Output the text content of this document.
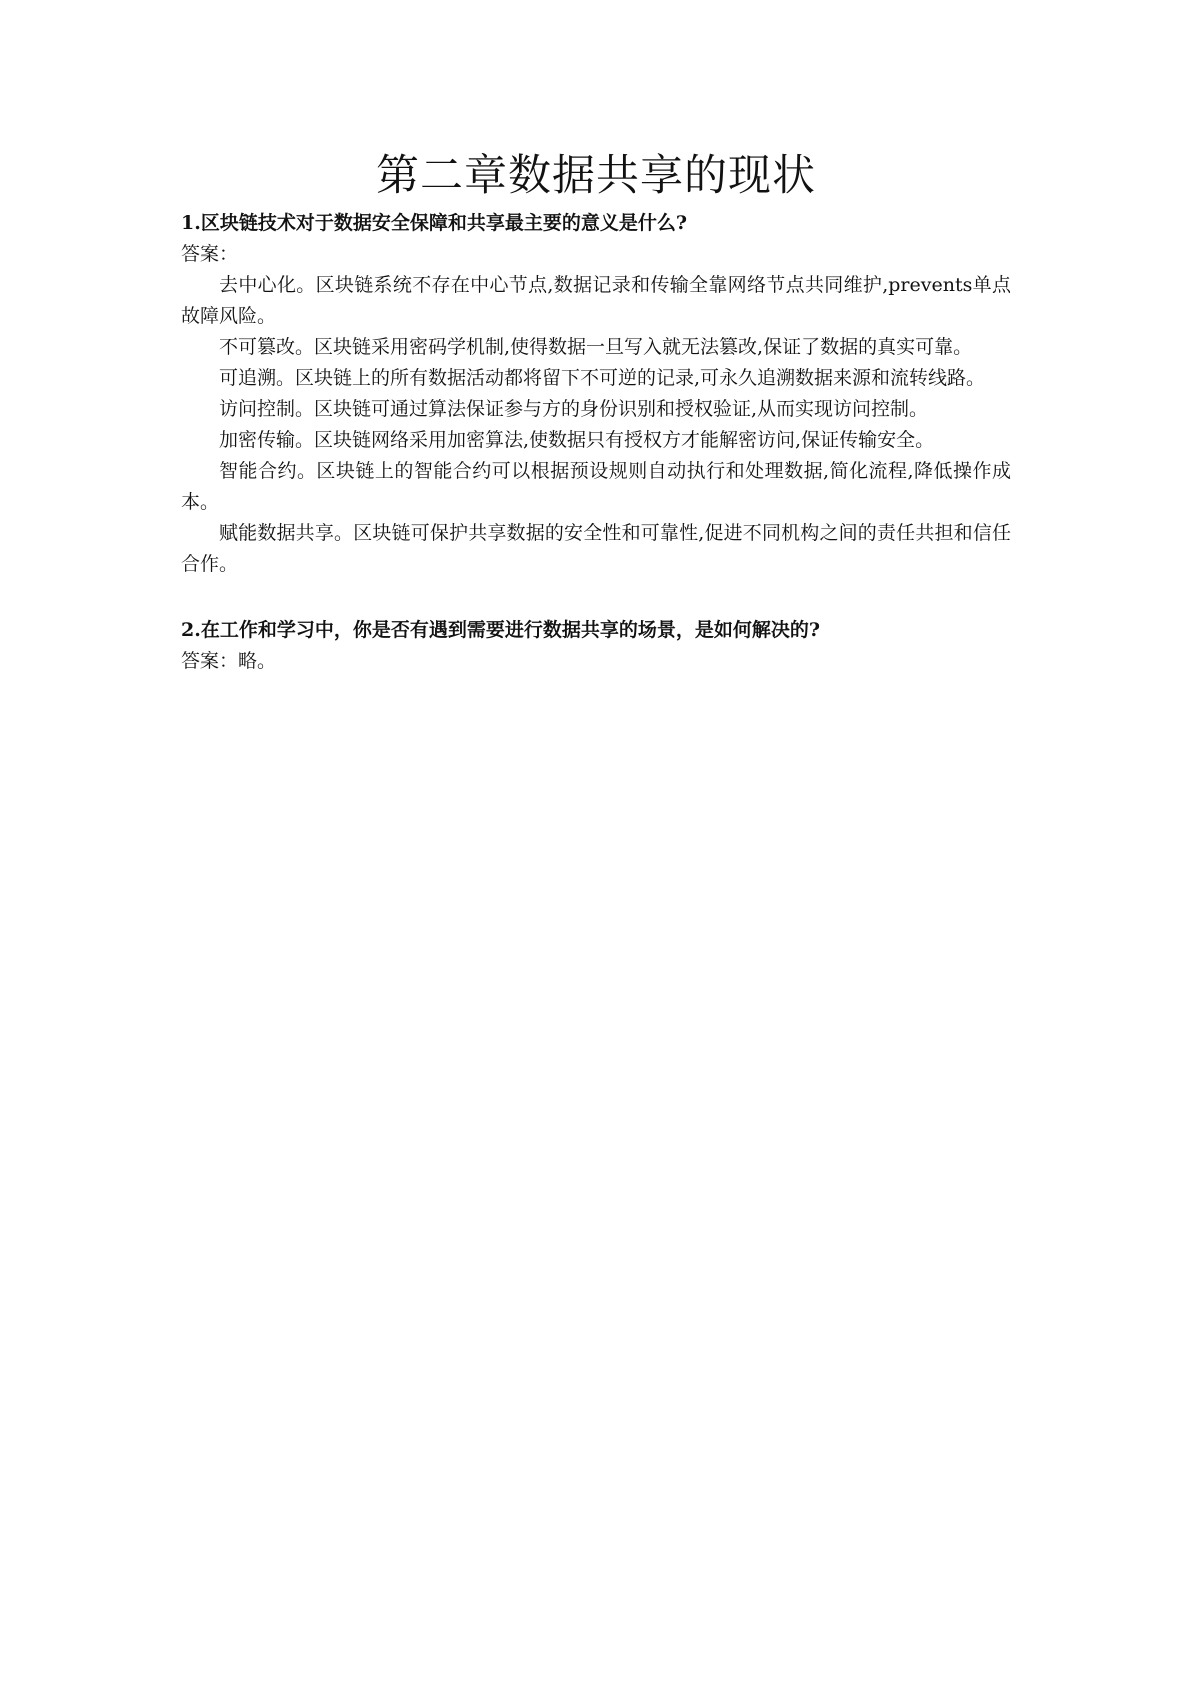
第二章数据共享的现状

1.区块链技术对于数据安全保障和共享最主要的意义是什么?

答案：

去中心化。区块链系统不存在中心节点,数据记录和传输全靠网络节点共同维护,prevents单点故障风险。

不可篡改。区块链采用密码学机制,使得数据一旦写入就无法篡改,保证了数据的真实可靠。

可追溯。区块链上的所有数据活动都将留下不可逆的记录,可永久追溯数据来源和流转线路。

访问控制。区块链可通过算法保证参与方的身份识别和授权验证,从而实现访问控制。

加密传输。区块链网络采用加密算法,使数据只有授权方才能解密访问,保证传输安全。

智能合约。区块链上的智能合约可以根据预设规则自动执行和处理数据,简化流程,降低操作成本。

赋能数据共享。区块链可保护共享数据的安全性和可靠性,促进不同机构之间的责任共担和信任合作。

2.在工作和学习中，你是否有遇到需要进行数据共享的场景，是如何解决的?

答案：略。
